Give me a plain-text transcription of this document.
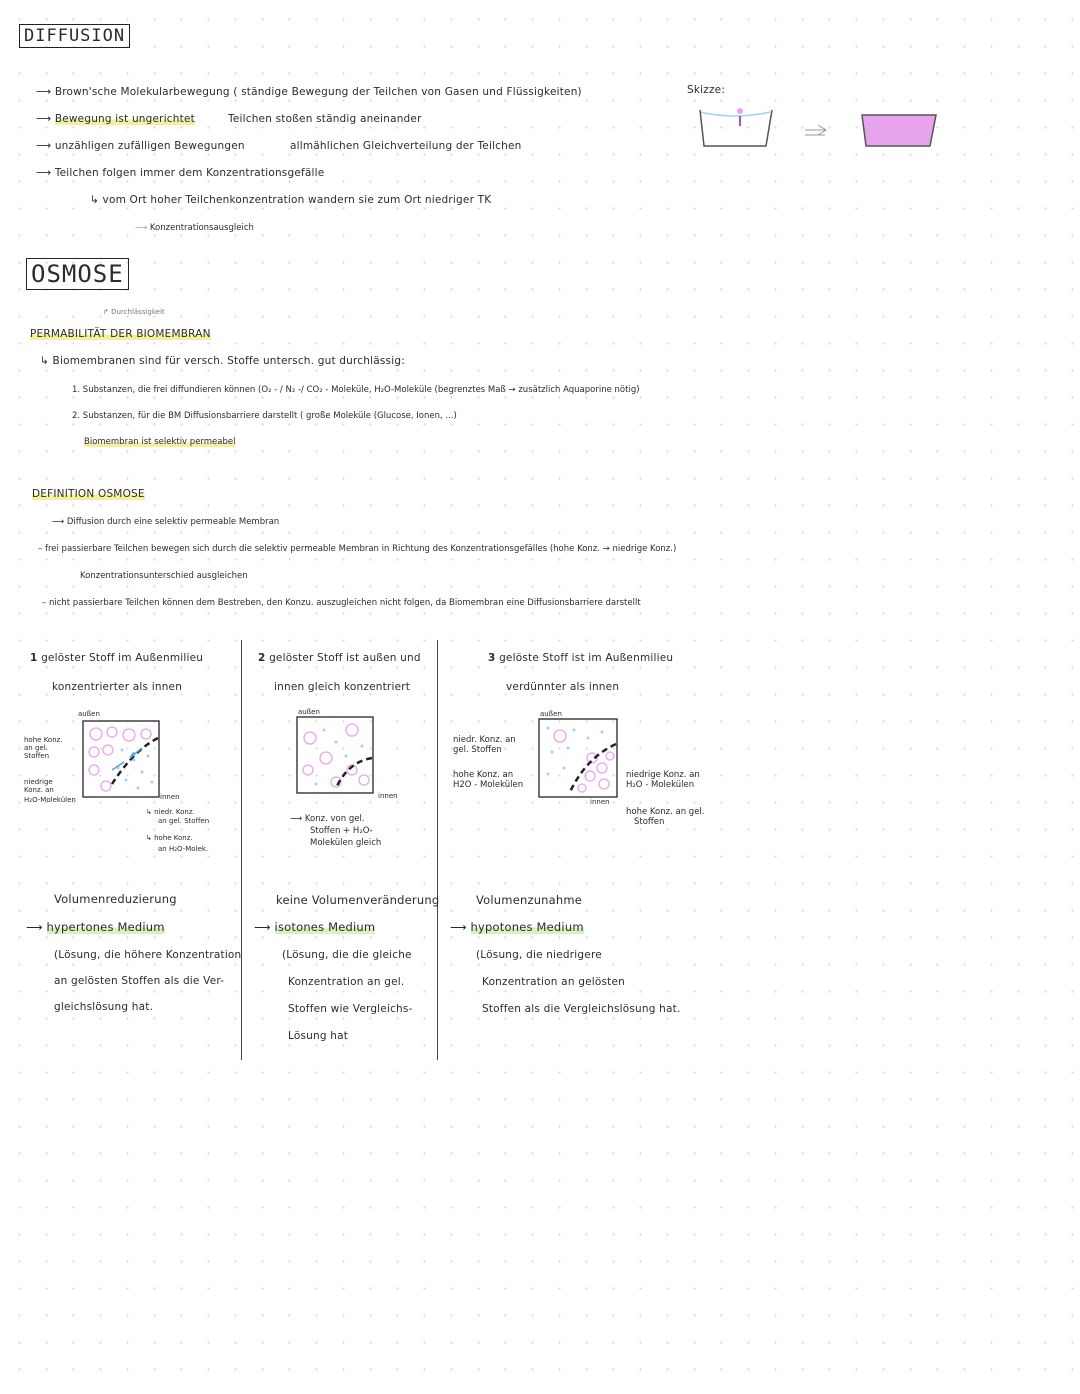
DIFFUSION
⟶ Brown'sche Molekularbewegung ( ständige Bewegung der Teilchen von Gasen und Flüssigkeiten)
⟶ Bewegung ist ungerichtet	Teilchen stoßen ständig aneinander
⟶ unzähligen zufälligen Bewegungen	allmählichen Gleichverteilung der Teilchen
⟶ Teilchen folgen immer dem Konzentrationsgefälle
↳ vom Ort hoher Teilchenkonzentration wandern sie zum Ort niedriger TK
⟶ Konzentrationsausgleich
Skizze:
OSMOSE
↱ Durchlässigkeit
PERMABILITÄT DER BIOMEMBRAN
↳ Biomembranen sind für versch. Stoffe untersch. gut durchlässig:
1. Substanzen, die frei diffundieren können (O₂ - / N₂ -/ CO₂ - Moleküle, H₂O-Moleküle (begrenztes Maß → zusätzlich Aquaporine nötig)
2. Substanzen, für die BM Diffusionsbarriere darstellt ( große Moleküle (Glucose, Ionen, ...)
Biomembran ist selektiv permeabel
DEFINITION OSMOSE
⟶ Diffusion durch eine selektiv permeable Membran
– frei passierbare Teilchen bewegen sich durch die selektiv permeable Membran in Richtung des Konzentrationsgefälles (hohe Konz. → niedrige Konz.)
Konzentrationsunterschied ausgleichen
– nicht passierbare Teilchen können dem Bestreben, den Konzu. auszugleichen nicht folgen, da Biomembran eine Diffusionsbarriere darstellt
1 gelöster Stoff im Außenmilieu
konzentrierter als innen
außen
innen
hohe Konz.
an gel.
Stoffen
niedrige
Konz. an
H₂O-Molekülen
↳ niedr. Konz.
an gel. Stoffen
↳ hohe Konz.
an H₂O-Molek.
Volumenreduzierung
⟶ hypertones Medium
(Lösung, die höhere Konzentration
an gelösten Stoffen als die Ver-
gleichslösung hat.
2 gelöster Stoff ist außen und
innen gleich konzentriert
außen
innen
⟶ Konz. von gel.
Stoffen + H₂O-
Molekülen gleich
keine Volumenveränderung
⟶ isotones Medium
(Lösung, die die gleiche
Konzentration an gel.
Stoffen wie Vergleichs-
Lösung hat
3 gelöste Stoff ist im Außenmilieu
verdünnter als innen
außen
innen
niedr. Konz. an
gel. Stoffen
hohe Konz. an
H2O - Molekülen
niedrige Konz. an
H₂O - Molekülen
hohe Konz. an gel.
Stoffen
Volumenzunahme
⟶ hypotones Medium
(Lösung, die niedrigere
Konzentration an gelösten
Stoffen als die Vergleichslösung hat.
